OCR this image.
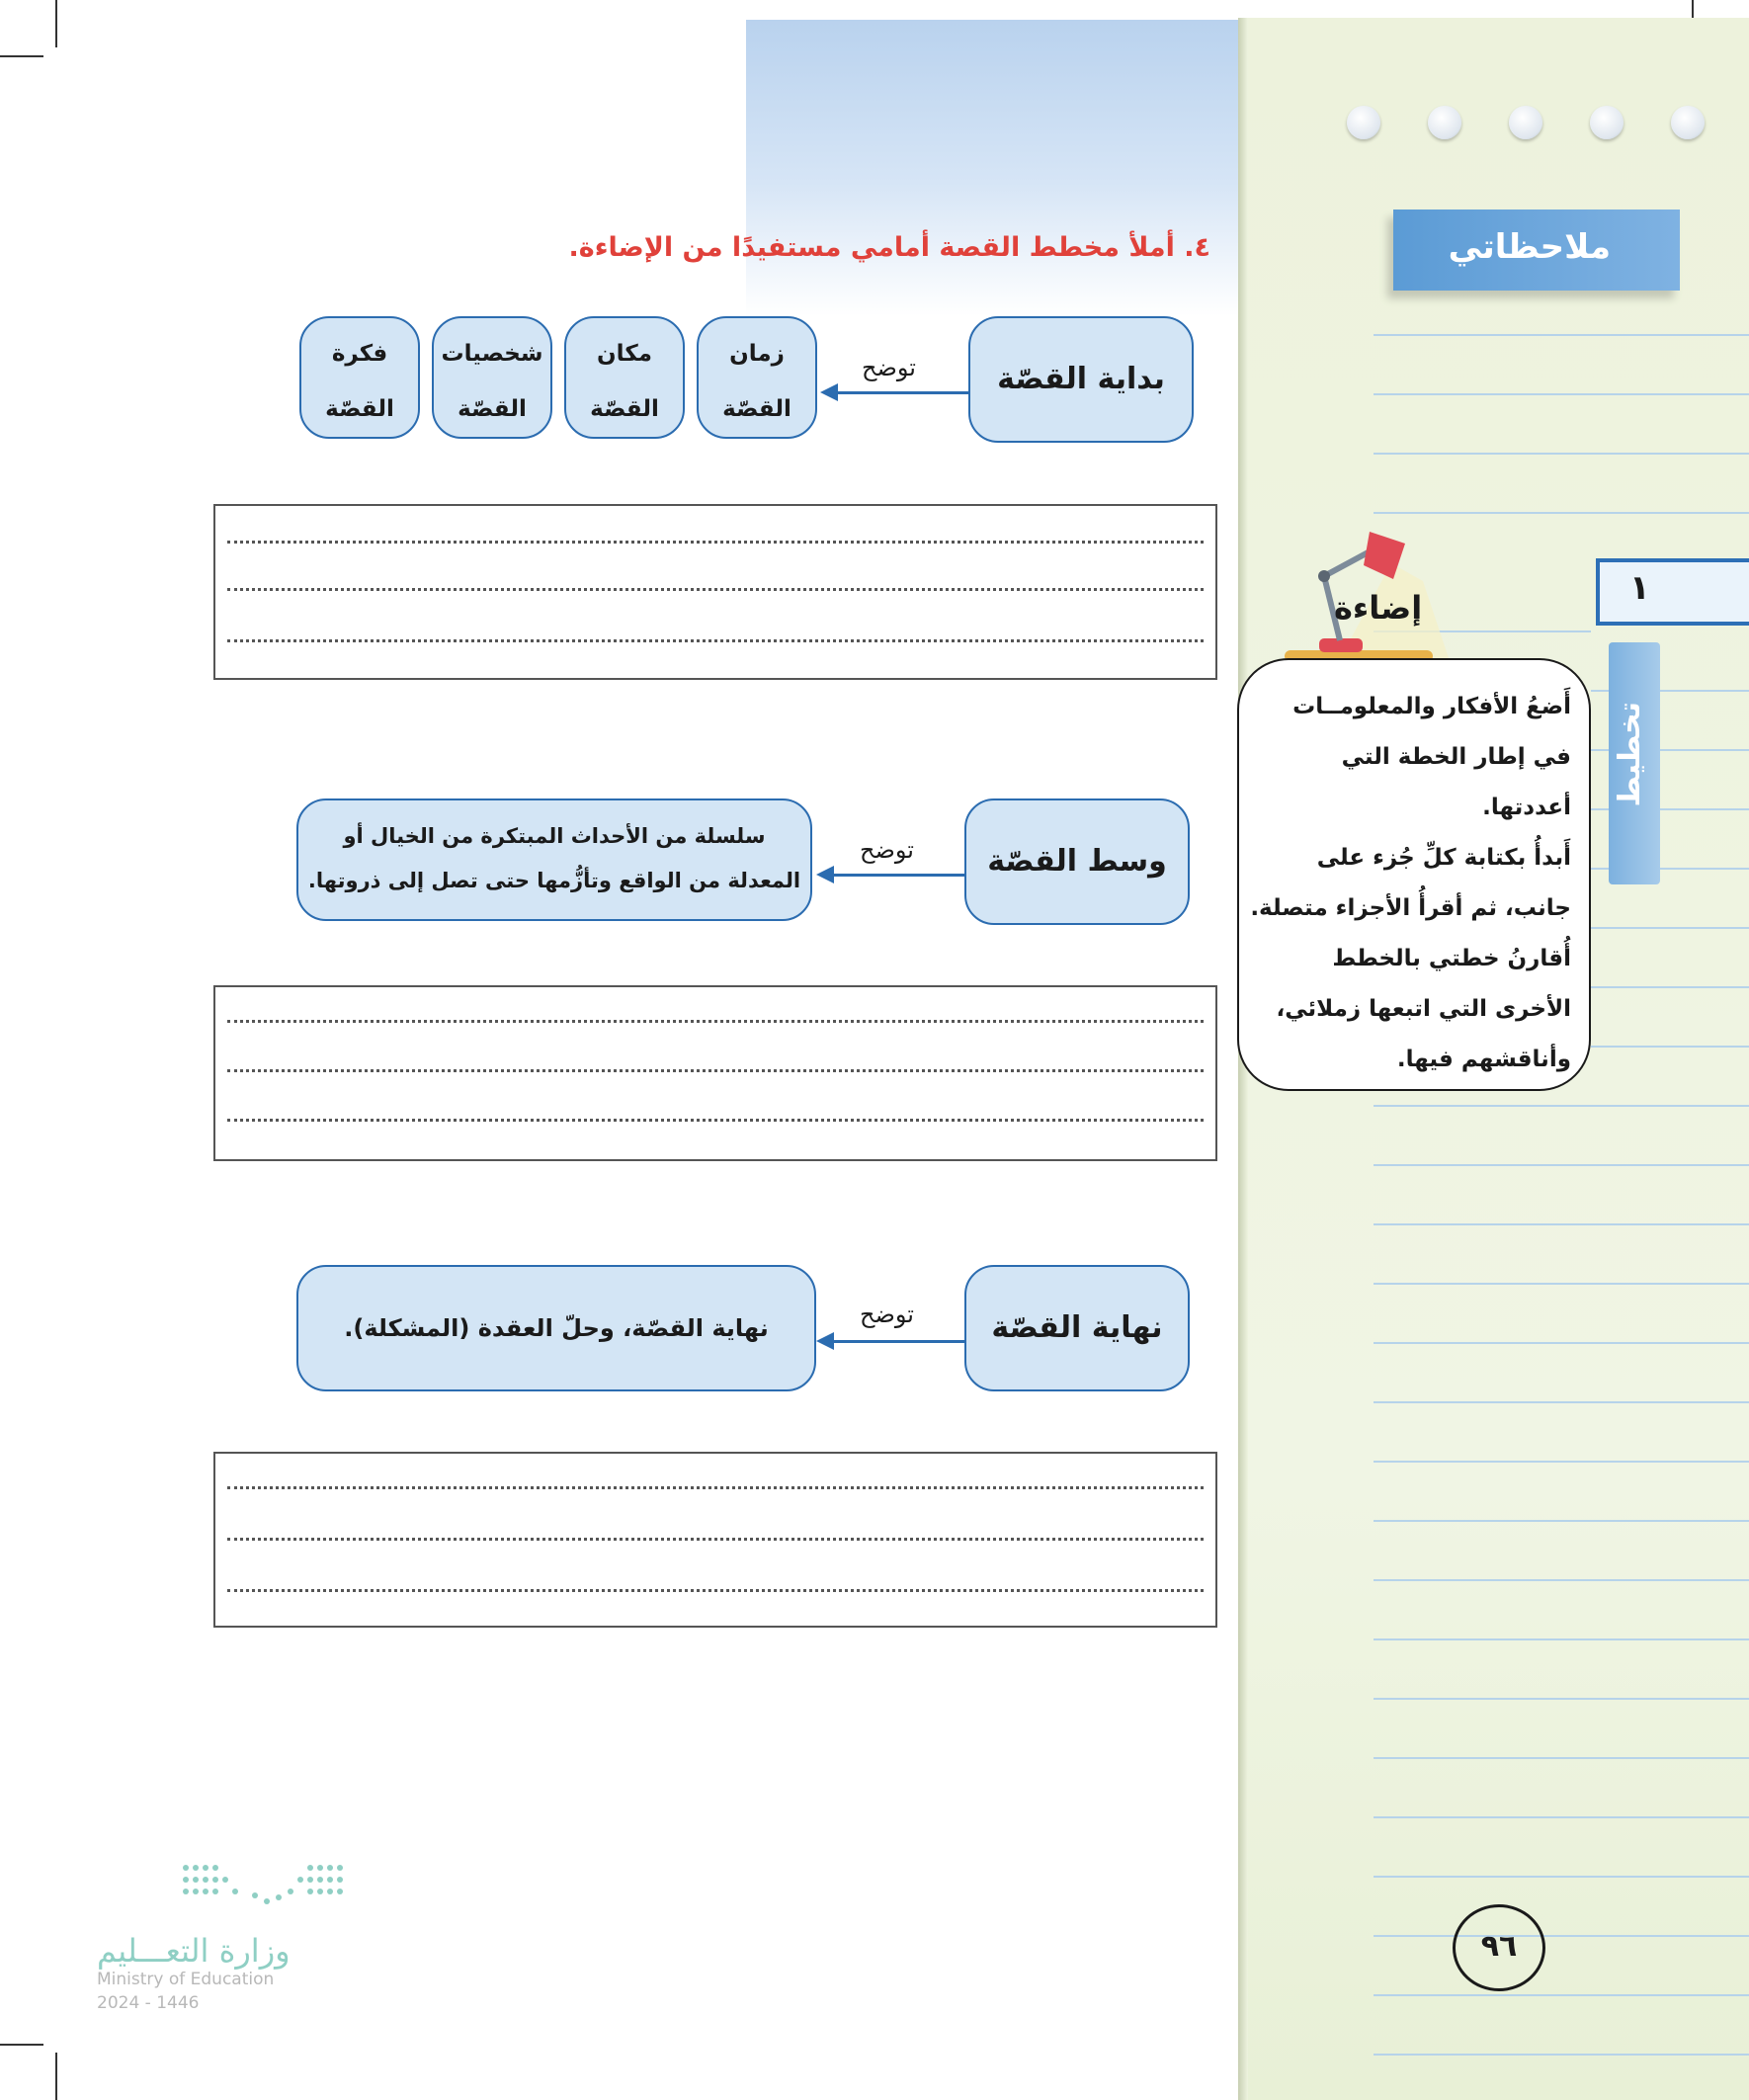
ملاحظاتي
١
تخطيط
إضاءة
أَضعُ الأفكار والمعلومــات
في إطار الخطة التي أعددتها.
أَبدأُ بكتابة كلِّ جُزء على
جانب، ثم أقرأُ الأجزاء متصلة.
أُقارنُ خطتي بالخطط
الأخرى التي اتبعها زملائي،
وأناقشهم فيها.
٤. أملأ مخطط القصة أمامي مستفيدًا من الإضاءة.
بداية القصّة
توضح
زمان
القصّة
مكان
القصّة
شخصيات
القصّة
فكرة
القصّة
وسط القصّة
توضح
سلسلة من الأحداث المبتكرة من الخيال أو
المعدلة من الواقع وتأزُّمها حتى تصل إلى ذروتها.
نهاية القصّة
توضح
نهاية القصّة، وحلّ العقدة (المشكلة).
٩٦
وزارة التعـــليم
Ministry of Education
2024 - 1446
